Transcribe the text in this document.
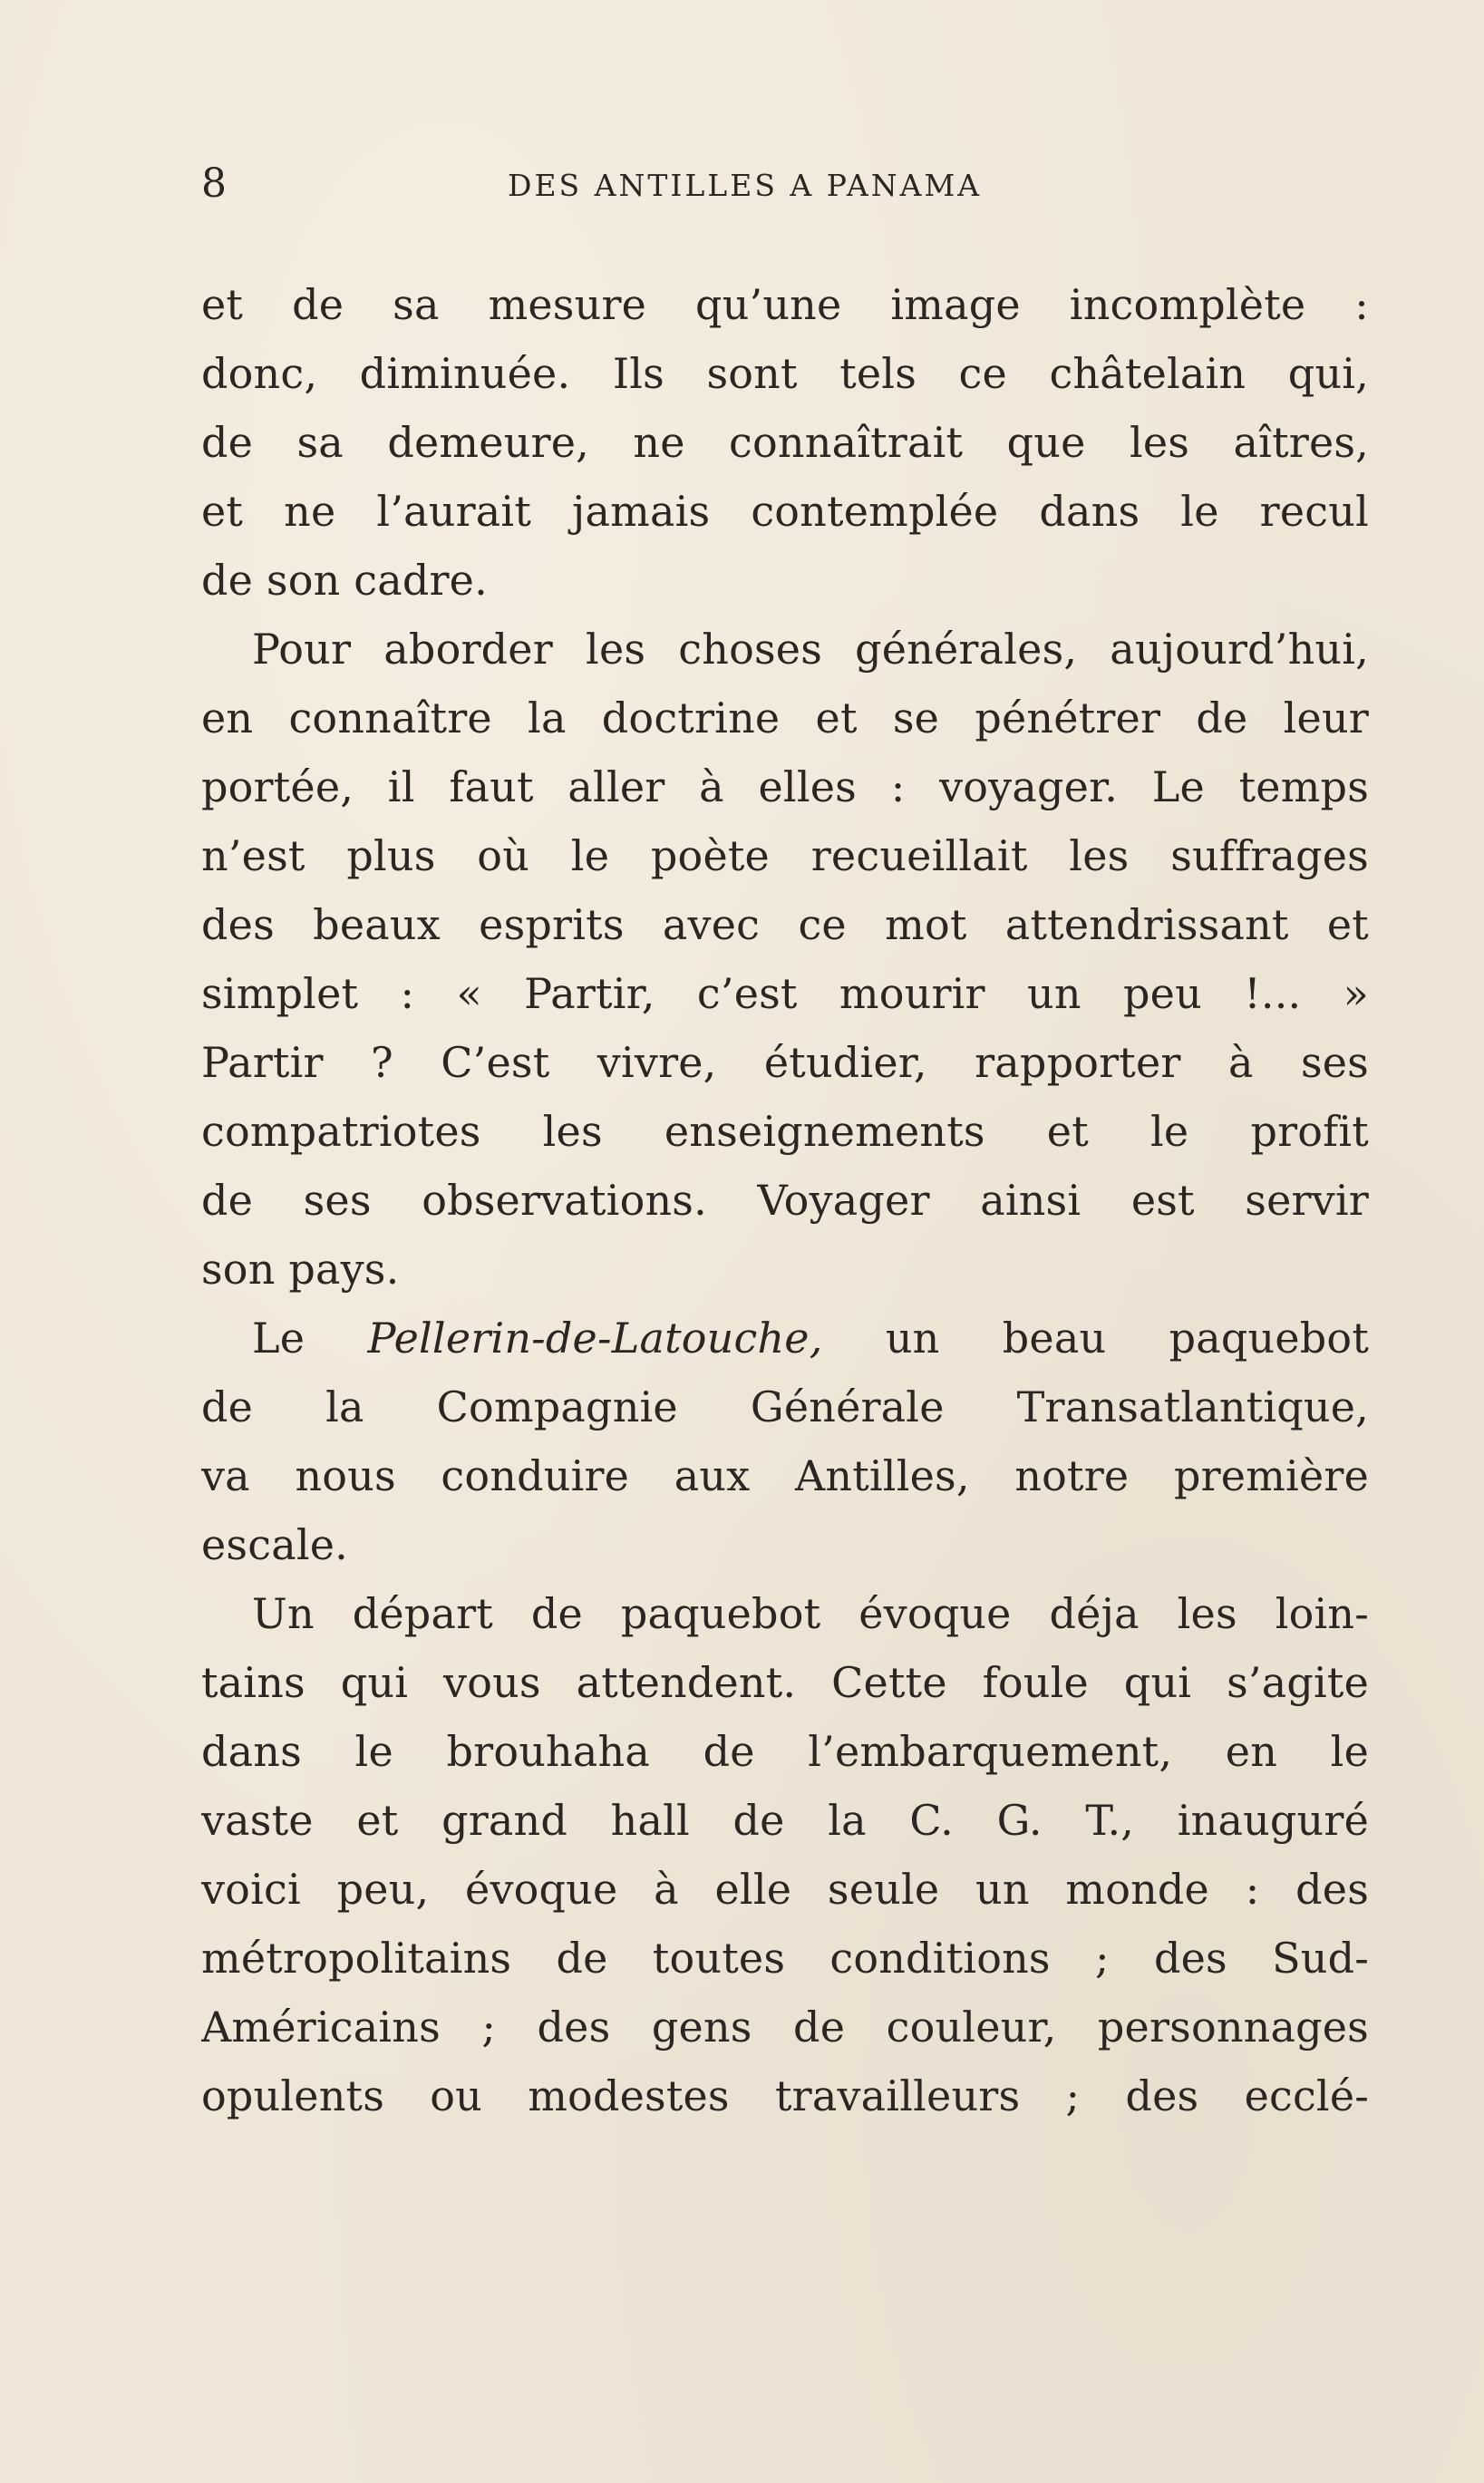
8	DES ANTILLES A PANAMA
et de sa mesure qu’une image incomplète :
donc, diminuée. Ils sont tels ce châtelain qui,
de sa demeure, ne connaîtrait que les aîtres,
et ne l’aurait jamais contemplée dans le recul
de son cadre.
Pour aborder les choses générales, aujourd’hui,
en connaître la doctrine et se pénétrer de leur
portée, il faut aller à elles : voyager. Le temps
n’est plus où le poète recueillait les suffrages
des beaux esprits avec ce mot attendrissant et
simplet : « Partir, c’est mourir un peu !... »
Partir ? C’est vivre, étudier, rapporter à ses
compatriotes les enseignements et le profit
de ses observations. Voyager ainsi est servir
son pays.
Le Pellerin-de-Latouche, un beau paquebot
de la Compagnie Générale Transatlantique,
va nous conduire aux Antilles, notre première
escale.
Un départ de paquebot évoque déja les loin-
tains qui vous attendent. Cette foule qui s’agite
dans le brouhaha de l’embarquement, en le
vaste et grand hall de la C. G. T., inauguré
voici peu, évoque à elle seule un monde : des
métropolitains de toutes conditions ; des Sud-
Américains ; des gens de couleur, personnages
opulents ou modestes travailleurs ; des ecclé-
